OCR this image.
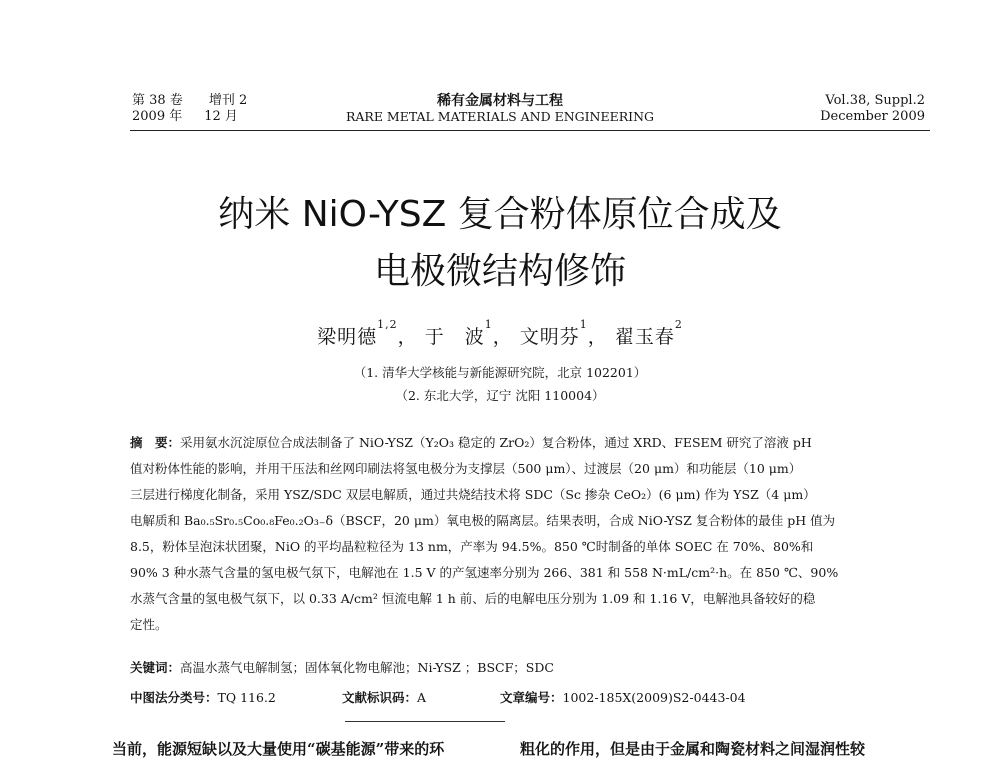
第 38 卷 增刊 2
2009 年 12 月
稀有金属材料与工程
RARE METAL MATERIALS AND ENGINEERING
Vol.38, Suppl.2
December 2009
纳米 NiO-YSZ 复合粉体原位合成及
电极微结构修饰
梁明德$^{1,2}$， 于　波$^1$， 文明芬$^1$， 翟玉春$^2$
（1. 清华大学核能与新能源研究院，北京 102201）
（2. 东北大学，辽宁 沈阳 110004）
摘　要：采用氨水沉淀原位合成法制备了 NiO-YSZ（Y₂O₃ 稳定的 ZrO₂）复合粉体，通过 XRD、FESEM 研究了溶液 pH
值对粉体性能的影响，并用干压法和丝网印刷法将氢电极分为支撑层（500 μm）、过渡层（20 μm）和功能层（10 μm）
三层进行梯度化制备，采用 YSZ/SDC 双层电解质，通过共烧结技术将 SDC（Sc 掺杂 CeO₂）(6 μm) 作为 YSZ（4 μm）
电解质和 Ba₀.₅Sr₀.₅Co₀.₈Fe₀.₂O₃₋δ（BSCF，20 μm）氧电极的隔离层。结果表明，合成 NiO-YSZ 复合粉体的最佳 pH 值为
8.5，粉体呈泡沫状团聚，NiO 的平均晶粒粒径为 13 nm，产率为 94.5%。850 ℃时制备的单体 SOEC 在 70%、80%和
90% 3 种水蒸气含量的氢电极气氛下，电解池在 1.5 V 的产氢速率分别为 266、381 和 558 N·mL/cm²·h。在 850 ℃、90%
水蒸气含量的氢电极气氛下，以 0.33 A/cm² 恒流电解 1 h 前、后的电解电压分别为 1.09 和 1.16 V，电解池具备较好的稳
定性。
关键词：高温水蒸气电解制氢；固体氧化物电解池；Ni-YSZ ；BSCF；SDC
中图法分类号：TQ 116.2	文献标识码：A	文章编号：1002-185X(2009)S2-0443-04
当前，能源短缺以及大量使用“碳基能源”带来的环	粗化的作用，但是由于金属和陶瓷材料之间湿润性较
